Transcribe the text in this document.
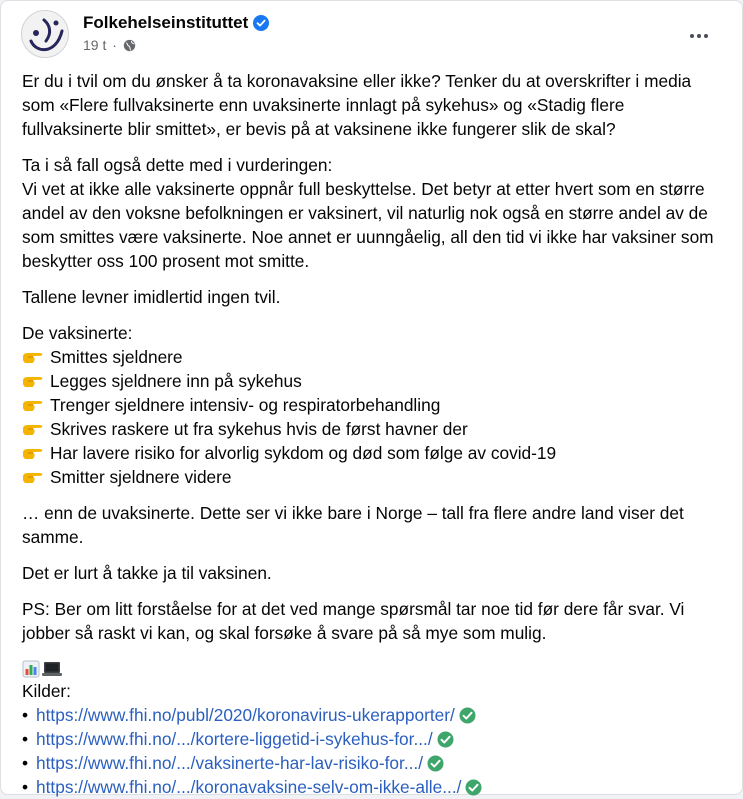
Folkehelseinstituttet
19 t ·

Er du i tvil om du ønsker å ta koronavaksine eller ikke? Tenker du at overskrifter i media som «Flere fullvaksinerte enn uvaksinerte innlagt på sykehus» og «Stadig flere fullvaksinerte blir smittet», er bevis på at vaksinene ikke fungerer slik de skal?

Ta i så fall også dette med i vurderingen:
Vi vet at ikke alle vaksinerte oppnår full beskyttelse. Det betyr at etter hvert som en større andel av den voksne befolkningen er vaksinert, vil naturlig nok også en større andel av de som smittes være vaksinerte. Noe annet er uunngåelig, all den tid vi ikke har vaksiner som beskytter oss 100 prosent mot smitte.

Tallene levner imidlertid ingen tvil.

De vaksinerte:
Smittes sjeldnere
Legges sjeldnere inn på sykehus
Trenger sjeldnere intensiv- og respiratorbehandling
Skrives raskere ut fra sykehus hvis de først havner der
Har lavere risiko for alvorlig sykdom og død som følge av covid-19
Smitter sjeldnere videre

… enn de uvaksinerte. Dette ser vi ikke bare i Norge – tall fra flere andre land viser det samme.

Det er lurt å takke ja til vaksinen.

PS: Ber om litt forståelse for at det ved mange spørsmål tar noe tid før dere får svar. Vi jobber så raskt vi kan, og skal forsøke å svare på så mye som mulig.

Kilder:
• https://www.fhi.no/publ/2020/koronavirus-ukerapporter/
• https://www.fhi.no/.../kortere-liggetid-i-sykehus-for.../
• https://www.fhi.no/.../vaksinerte-har-lav-risiko-for.../
• https://www.fhi.no/.../koronavaksine-selv-om-ikke-alle.../
